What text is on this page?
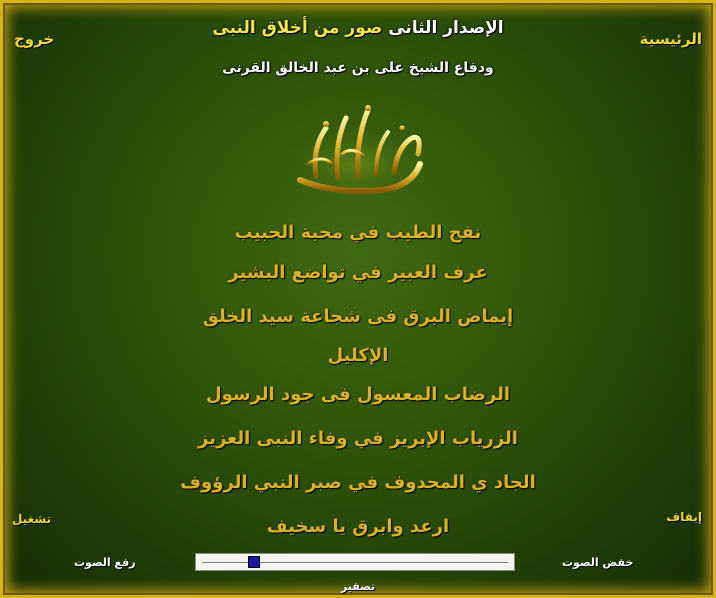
الإصدار الثانى صور من أخلاق النبى
ودفاع الشيخ على بن عبد الخالق القرنى
الرئيسية
خروج
نفح الطيب في محبة الحبيب
عرف العبير في تواضع البشير
إيماض البرق فى شجاعة سيد الخلق
الإكليل
الرضاب المعسول فى جود الرسول
الزرياب الإبريز في وفاء النبى العزيز
الجاد ي المحدوف في صبر النبي الرؤوف
ارعد وابرق يا سخيف	إيقاف
تشغيل
رفع الصوت	خفض الصوت
تصفير
